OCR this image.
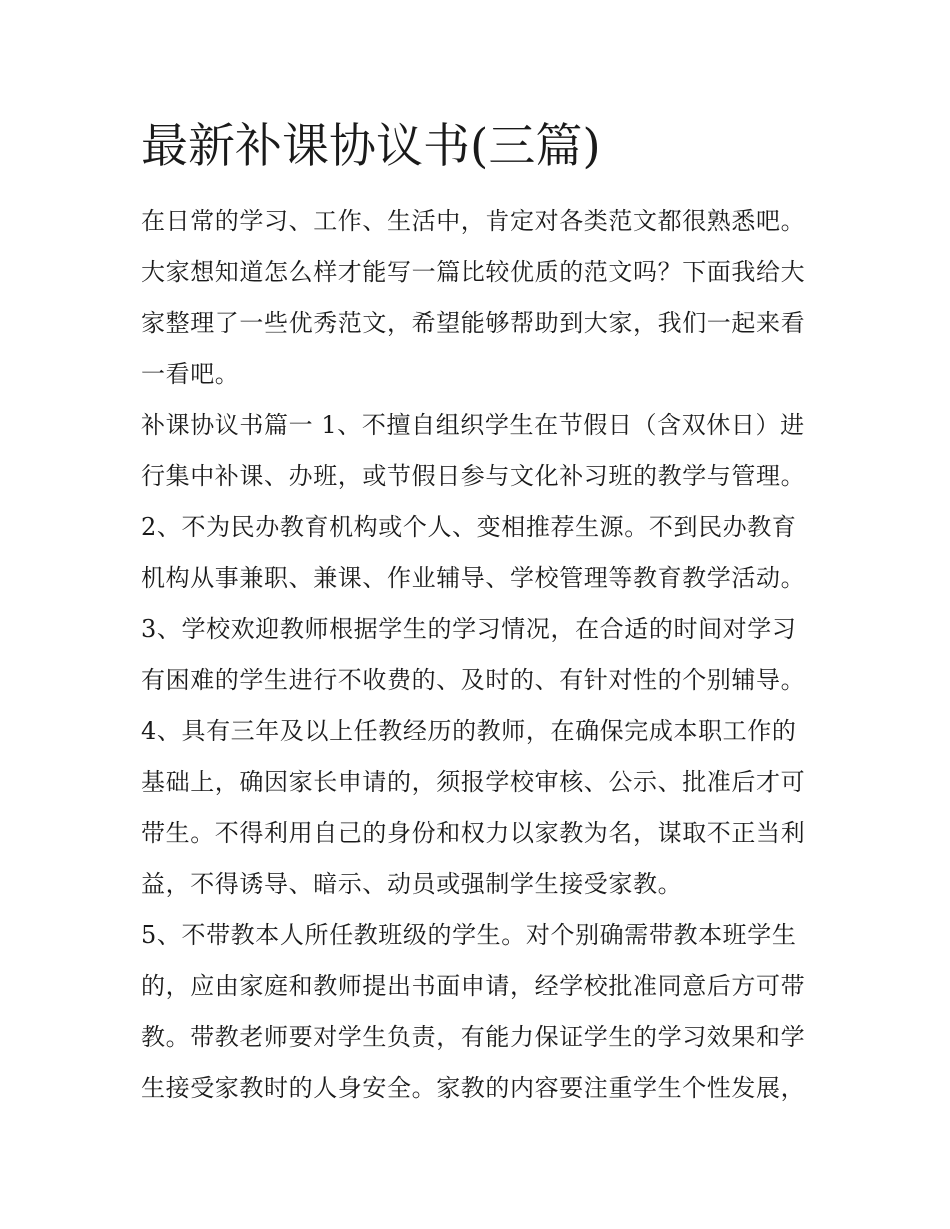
最新补课协议书(三篇)
在日常的学习、工作、生活中，肯定对各类范文都很熟悉吧。
大家想知道怎么样才能写一篇比较优质的范文吗？下面我给大
家整理了一些优秀范文，希望能够帮助到大家，我们一起来看
一看吧。
补课协议书篇一 1、不擅自组织学生在节假日（含双休日）进
行集中补课、办班，或节假日参与文化补习班的教学与管理。
2、不为民办教育机构或个人、变相推荐生源。不到民办教育
机构从事兼职、兼课、作业辅导、学校管理等教育教学活动。
3、学校欢迎教师根据学生的学习情况，在合适的时间对学习
有困难的学生进行不收费的、及时的、有针对性的个别辅导。
4、具有三年及以上任教经历的教师，在确保完成本职工作的
基础上，确因家长申请的，须报学校审核、公示、批准后才可
带生。不得利用自己的身份和权力以家教为名，谋取不正当利
益，不得诱导、暗示、动员或强制学生接受家教。
5、不带教本人所任教班级的学生。对个别确需带教本班学生
的，应由家庭和教师提出书面申请，经学校批准同意后方可带
教。带教老师要对学生负责，有能力保证学生的学习效果和学
生接受家教时的人身安全。家教的内容要注重学生个性发展，
